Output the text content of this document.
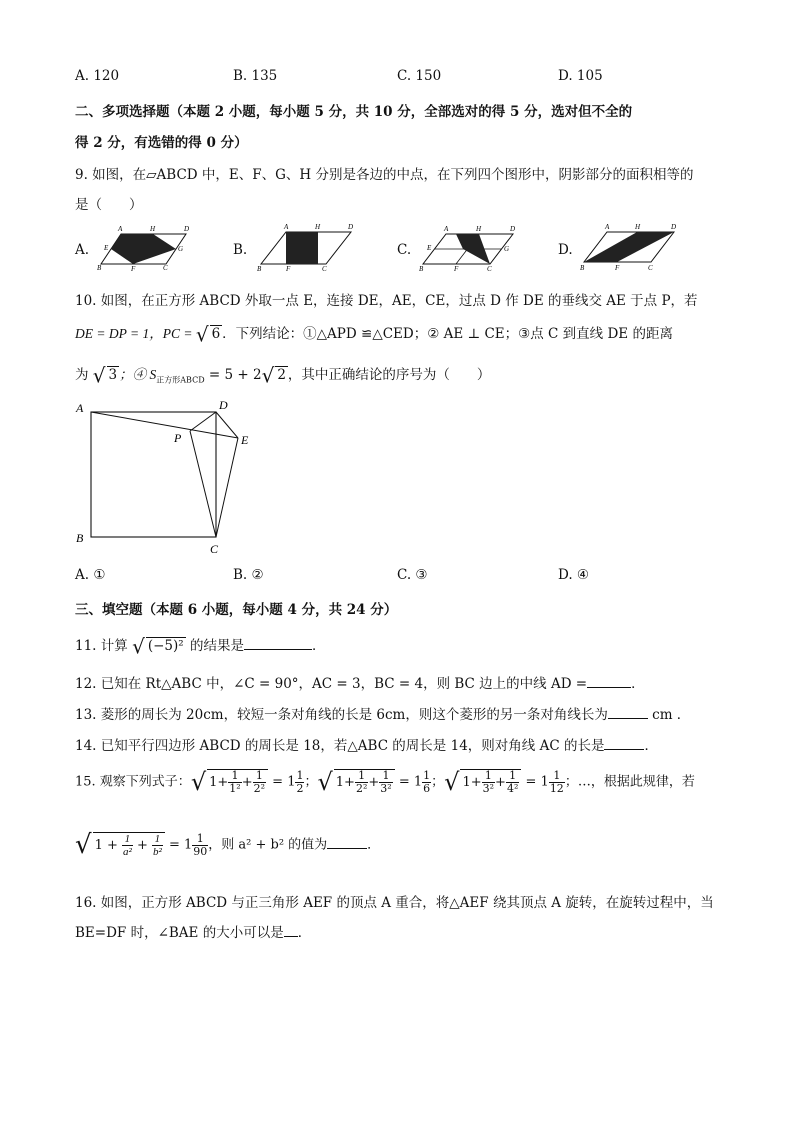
A. 120	B. 135	C. 150	D. 105
二、多项选择题（本题 2 小题，每小题 5 分，共 10 分，全部选对的得 5 分，选对但不全的
得 2 分，有选错的得 0 分）
9. 如图，在▱ABCD 中，E、F、G、H 分别是各边的中点，在下列四个图形中，阴影部分的面积相等的
是（　　）
A.
A	H	D
E	G
B	F	C
B.
A	H	D
B	F	C
C.
A	H	D
E	G
B	F	C
D.
A	H	D
B	F	C
10. 如图，在正方形 ABCD 外取一点 E，连接 DE，AE，CE，过点 D 作 DE 的垂线交 AE 于点 P，若
DE = DP = 1，PC = √ 6 ．下列结论：①△APD ≌△CED；② AE ⊥ CE；③点 C 到直线 DE 的距离
为 √ 3 ；④ $S_{正方形ABCD} = 5 + 2√$ 2 ，其中正确结论的序号为（　　）
A	D
P	E
B
C
A. ①	B. ②	C. ③	D. ④
三、填空题（本题 6 小题，每小题 4 分，共 24 分）
11. 计算 √ (−5)² 的结果是	．
12. 已知在 Rt△ABC 中，∠C = 90°，AC = 3，BC = 4，则 BC 边上的中线 AD =	．
13. 菱形的周长为 20cm，较短一条对角线的长是 6cm，则这个菱形的另一条对角线长为	cm ．
14. 已知平行四边形 ABCD 的周长是 18，若△ABC 的周长是 14，则对角线 AC 的长是	．
15. 观察下列式子：√ $1+ \frac{1}{\text{1²}} + \frac{1}{\text{2²}} = 1 \frac{1}{2}$ ；√ $1+ \frac{1}{\text{2²}} + \frac{1}{\text{3²}} = 1 \frac{1}{6}$ ；√ $1+ \frac{1}{\text{3²}} + \frac{1}{\text{4²}} = 1 \frac{1}{12}$ ；…，根据此规律，若
√ $1 + \frac{1}{\text{a²}} + \frac{1}{\text{b²}} = 1 \frac{1}{90}$ ，则 a² + b² 的值为	．
16. 如图，正方形 ABCD 与正三角形 AEF 的顶点 A 重合，将△AEF 绕其顶点 A 旋转，在旋转过程中，当
BE=DF 时，∠BAE 的大小可以是 ．
